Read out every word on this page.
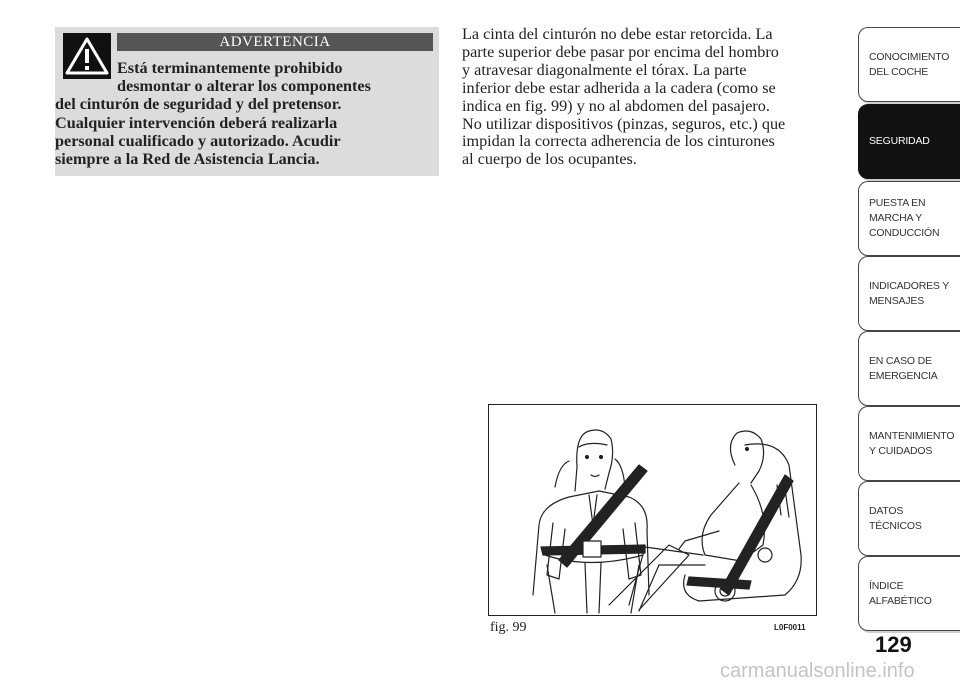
ADVERTENCIA
Está terminantemente prohibido
desmontar o alterar los componentes
del cinturón de seguridad y del pretensor.
Cualquier intervención deberá realizarla
personal cualificado y autorizado. Acudir
siempre a la Red de Asistencia Lancia.
La cinta del cinturón no debe estar retorcida. La
parte superior debe pasar por encima del hombro
y atravesar diagonalmente el tórax. La parte
inferior debe estar adherida a la cadera (como se
indica en fig. 99) y no al abdomen del pasajero.
No utilizar dispositivos (pinzas, seguros, etc.) que
impidan la correcta adherencia de los cinturones
al cuerpo de los ocupantes.
fig. 99	L0F0011
CONOCIMIENTO DEL COCHE
SEGURIDAD
PUESTA EN MARCHA Y CONDUCCIÓN
INDICADORES Y MENSAJES
EN CASO DE EMERGENCIA
MANTENIMIENTO Y CUIDADOS
DATOS TÉCNICOS
ÍNDICE ALFABÉTICO
129
carmanualsonline.info
